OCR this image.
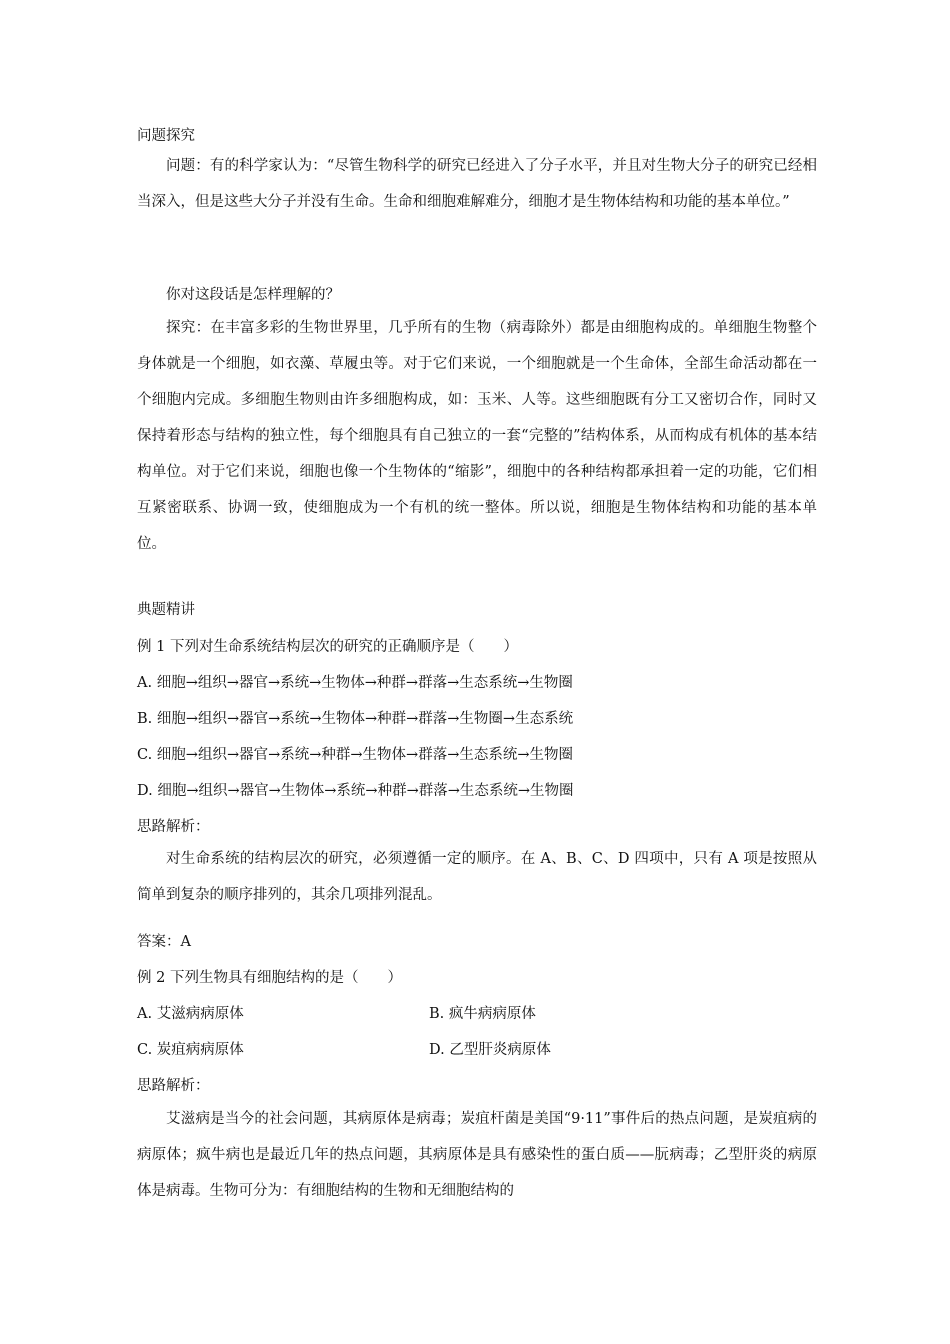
问题探究
问题：有的科学家认为：“尽管生物科学的研究已经进入了分子水平，并且对生物大分子的研究已经相当深入，但是这些大分子并没有生命。生命和细胞难解难分，细胞才是生物体结构和功能的基本单位。”
你对这段话是怎样理解的？
探究：在丰富多彩的生物世界里，几乎所有的生物（病毒除外）都是由细胞构成的。单细胞生物整个身体就是一个细胞，如衣藻、草履虫等。对于它们来说，一个细胞就是一个生命体，全部生命活动都在一个细胞内完成。多细胞生物则由许多细胞构成，如：玉米、人等。这些细胞既有分工又密切合作，同时又保持着形态与结构的独立性，每个细胞具有自己独立的一套“完整的”结构体系，从而构成有机体的基本结构单位。对于它们来说，细胞也像一个生物体的“缩影”，细胞中的各种结构都承担着一定的功能，它们相互紧密联系、协调一致，使细胞成为一个有机的统一整体。所以说，细胞是生物体结构和功能的基本单位。
典题精讲
例 1 下列对生命系统结构层次的研究的正确顺序是（　　）
A. 细胞→组织→器官→系统→生物体→种群→群落→生态系统→生物圈
B. 细胞→组织→器官→系统→生物体→种群→群落→生物圈→生态系统
C. 细胞→组织→器官→系统→种群→生物体→群落→生态系统→生物圈
D. 细胞→组织→器官→生物体→系统→种群→群落→生态系统→生物圈
思路解析：
对生命系统的结构层次的研究，必须遵循一定的顺序。在 A、B、C、D 四项中，只有 A 项是按照从简单到复杂的顺序排列的，其余几项排列混乱。
答案：A
例 2 下列生物具有细胞结构的是（　　）
A. 艾滋病病原体	B. 疯牛病病原体
C. 炭疽病病原体	D. 乙型肝炎病原体
思路解析：
艾滋病是当今的社会问题，其病原体是病毒；炭疽杆菌是美国“9·11”事件后的热点问题，是炭疽病的病原体；疯牛病也是最近几年的热点问题，其病原体是具有感染性的蛋白质——朊病毒；乙型肝炎的病原体是病毒。生物可分为：有细胞结构的生物和无细胞结构的
